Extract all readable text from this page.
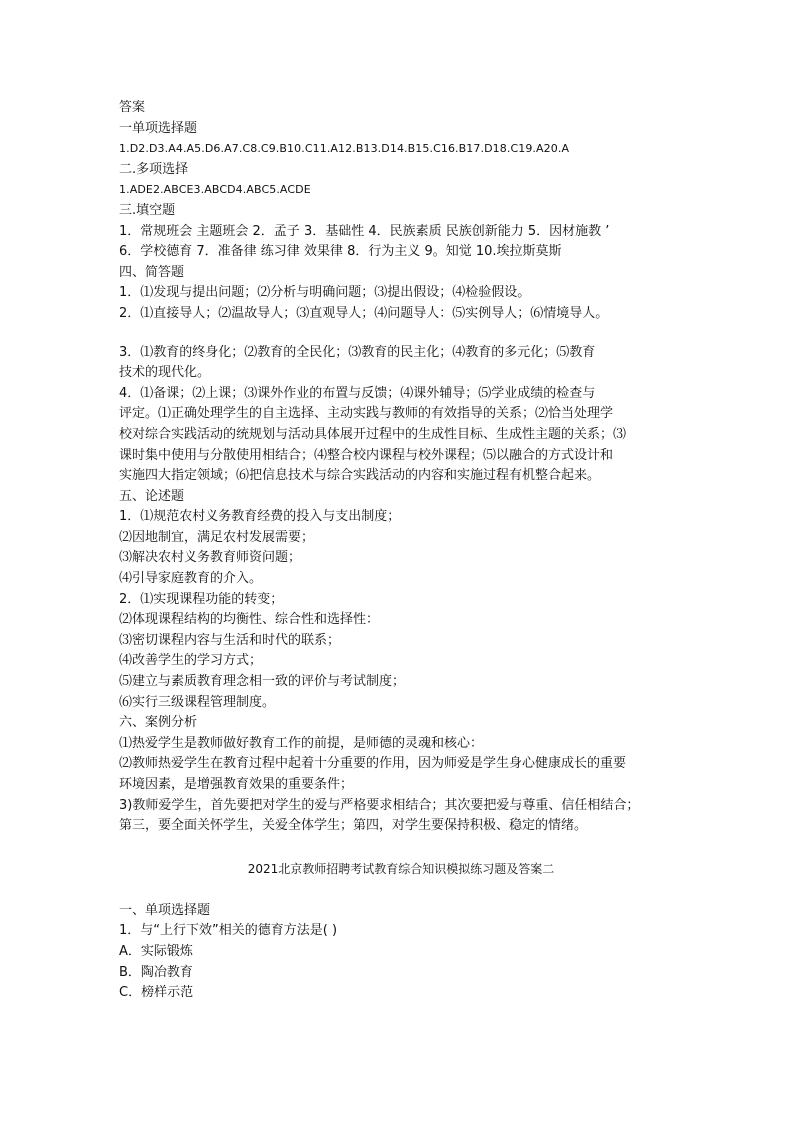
答案
一单项选择题
1.D2.D3.A4.A5.D6.A7.C8.C9.B10.C11.A12.B13.D14.B15.C16.B17.D18.C19.A20.A
二.多项选择
1.ADE2.ABCE3.ABCD4.ABC5.ACDE
三.填空题
1．常规班会 主题班会 2．孟子 3．基础性 4．民族素质 民族创新能力 5．因材施教 ’
6．学校德育 7．准备律 练习律 效果律 8．行为主义 9。知觉 10.埃拉斯莫斯
四、简答题
1．⑴发现与提出问题；⑵分析与明确问题；⑶提出假设；⑷检验假设。
2．⑴直接导人；⑵温故导人；⑶直观导人；⑷问题导人：⑸实例导人；⑹情境导人。
3．⑴教育的终身化；⑵教育的全民化；⑶教育的民主化；⑷教育的多元化；⑸教育
技术的现代化。
4．⑴备课；⑵上课；⑶课外作业的布置与反馈；⑷课外辅导；⑸学业成绩的检查与
评定。⑴正确处理学生的自主选择、主动实践与教师的有效指导的关系；⑵恰当处理学
校对综合实践活动的统规划与活动具体展开过程中的生成性目标、生成性主题的关系；⑶
课时集中使用与分散使用相结合；⑷整合校内课程与校外课程；⑸以融合的方式设计和
实施四大指定领域；⑹把信息技术与综合实践活动的内容和实施过程有机整合起来。
五、论述题
1．⑴规范农村义务教育经费的投入与支出制度；
⑵因地制宜，满足农村发展需要；
⑶解决农村义务教育师资问题；
⑷引导家庭教育的介入。
2．⑴实现课程功能的转变；
⑵体现课程结构的均衡性、综合性和选择性：
⑶密切课程内容与生活和时代的联系；
⑷改善学生的学习方式；
⑸建立与素质教育理念相一致的评价与考试制度；
⑹实行三级课程管理制度。
六、案例分析
⑴热爱学生是教师做好教育工作的前提，是师德的灵魂和核心：
⑵教师热爱学生在教育过程中起着十分重要的作用，因为师爱是学生身心健康成长的重要
环境因素，是增强教育效果的重要条件；
3)教师爱学生，首先要把对学生的爱与严格要求相结合；其次要把爱与尊重、信任相结合；
第三，要全面关怀学生，关爱全体学生；第四，对学生要保持积极、稳定的情绪。
2021北京教师招聘考试教育综合知识模拟练习题及答案二
一、单项选择题
1．与“上行下效”相关的德育方法是( )
A．实际锻炼
B．陶冶教育
C．榜样示范
